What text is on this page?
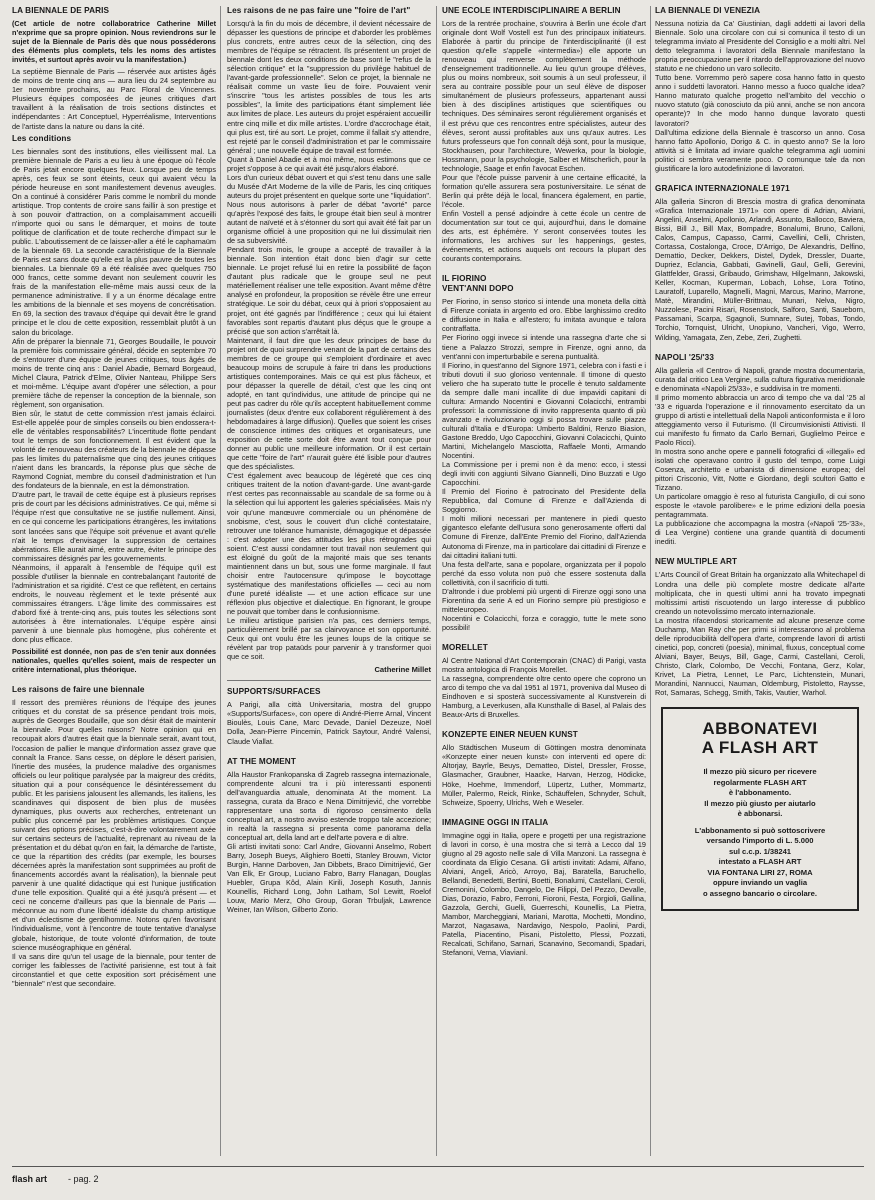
LA BIENNALE DE PARIS

(Cet article de notre collaboratrice Catherine Millet n'exprime que sa propre opinion. Nous reviendrons sur le sujet de la Biennale de Paris dès que nous posséderons des éléments plus complets, tels les noms des artistes invités, et surtout après avoir vu la manifestation.)

La septième Biennale de Paris — réservée aux artistes âgés de moins de trente cinq ans — aura lieu du 24 septembre au 1er novembre prochains, au Parc Floral de Vincennes. Plusieurs équipes composées de jeunes critiques d'art travaillent à la réalisation de trois sections distinctes et indépendantes : Art Conceptuel, Hyperréalisme, Interventions de l'artiste dans la nature ou dans la cité.

Les conditions

Les biennales sont des institutions, elles vieillissent mal. La première biennale de Paris a eu lieu à une époque où l'école de Paris jetait encore quelques feux. Lorsque peu de temps après, ces feux se sont éteints, ceux qui avaient vécu la période heureuse en sont manifestement devenus aveugles. On a continué à considérer Paris comme le nombril du monde artistique. Trop contents de croire sans faillir à son prestige et à son pouvoir d'attraction, on a complaisamment accueilli n'importe quoi ou sans le démarquer, et moins de toute politique de clarification et de toute recherche d'impact sur le public. L'aboutissement de ce laisser-aller a été le capharnaüm de la biennale 69. La seconde caractéristique de la Biennale de Paris est sans doute qu'elle est la plus pauvre de toutes les biennales. La biennale 69 a été réalisée avec quelques 750 000 francs, cette somme devant non seulement couvrir les frais de la manifestation elle-même mais aussi ceux de la permanence administrative. Il y a un énorme décalage entre les ambitions de la biennale et ses moyens de concrétisation. En 69, la section des travaux d'équipe qui devait être le grand principe et le clou de cette exposition, ressemblait plutôt à un salon du bricolage.
Afin de préparer la biennale 71, Georges Boudaille, le pouvoir la première fois commissaire général, décide en septembre 70 de s'entourer d'une équipe de jeunes critiques, tous âgés de moins de trente cinq ans : Daniel Abadie, Bernard Borgeaud, Michel Claura, Patrick d'Elme, Olivier Nanteau, Philippe Sers et moi-même. L'équipe avant d'opérer une sélection, a pour première tâche de repenser la conception de la biennale, son règlement, son organisation.
Bien sûr, le statut de cette commission n'est jamais éclairci. Est-elle appelée pour de simples conseils ou bien endossera-t-elle de véritables responsabilités? L'incertitude flotte pendant tout le temps de son fonctionnement. Il est évident que la volonté de renouveau des créateurs de la biennale ne dépasse pas les limites du paternalisme que cinq des jeunes critiques n'aient dans les brancards, la réponse plus que sèche de Raymond Cogniat, membre du conseil d'administration et l'un des fondateurs de la biennale, en est la démonstration.
D'autre part, le travail de cette équipe est à plusieurs reprises pris de court par les décisions administratives. Ce qui, même si l'équipe n'est que consultative ne se justifie nullement. Ainsi, en ce qui concerne les participations étrangères, les invitations sont lancées sans que l'équipe soit prévenue et avant qu'elle n'ait le temps d'envisager la suppression de certaines abérrations. Elle aurait aimé, entre autre, éviter le principe des commissaires désignés par les gouvernements.
Néanmoins, il apparaît à l'ensemble de l'équipe qu'il est possible d'utiliser la biennale en contrebalançant l'autorité de l'administration et sa rigidité. C'est ce que reflètent, en certains endroits, le nouveau règlement et le texte présenté aux commissaires étrangers. L'âge limite des commissaires est d'abord fixé à trente-cinq ans, puis toutes les sélections sont autorisées à être internationales. L'équipe espère ainsi parvenir à une biennale plus homogène, plus cohérente et donc plus efficace.

Possibilité est donnée, non pas de s'en tenir aux données nationales, quelles qu'elles soient, mais de respecter un critère international, plus théorique.

Les raisons de faire une biennale

Il ressort des premières réunions de l'équipe des jeunes critiques et du constat de sa présence pendant trois mois, auprès de Georges Boudaille, que son désir était de maintenir la biennale. Pour quelles raisons? Notre opinion qui en recoupait alors d'autres était que la biennale serait, avant tout, l'occasion de pallier le manque d'information assez grave que connaît la France. Sans cesse, on déplore le désert parisien, l'inertie des musées, la prudence maladive des organismes officiels ou leur politique paralysée par la maigreur des crédits, situation qui a pour conséquence le désintéressement du public. Et les parisiens jalousent les allemands, les italiens, les scandinaves qui disposent de bien plus de musées dynamiques, plus ouverts aux recherches, entretenant un public plus concerné par les problèmes artistiques. Conçue suivant des options précises, c'est-à-dire volontairement axée sur certains secteurs de l'actualité, reprenant au niveau de la présentation et du débat qu'on en fait, la démarche de l'artiste, ce que la répartition des crédits (par exemple, les bourses décernées après la manifestation sont supprimées au profit de financements accordés avant la réalisation), la biennale peut parvenir à une qualité didactique qui est l'unique justification d'une telle exposition. Qualité qui a été jusqu'à présent — et ceci ne concerne d'ailleurs pas que la biennale de Paris — méconnue au nom d'une liberté idéaliste du champ artistique et d'un éclectisme de gentilhomme. Notons qu'en favorisant l'individualisme, vont à l'encontre de toute tentative d'analyse globale, historique, de toute volonté d'information, de toute science muséographique en général.
Il va sans dire qu'un tel usage de la biennale, pour tenter de corriger les faiblesses de l'activité parisienne, est tout à fait circonstantiel et que cette exposition sort précisément une "biennale" n'est que secondaire.

Les raisons de ne pas faire une "foire de l'art"

Lorsqu'à la fin du mois de décembre, il devient nécessaire de dépasser les questions de principe et d'aborder les problèmes plus concrets, entre autres ceux de la sélection, cinq des membres de l'équipe se rétractent. Ils présentent un projet de biennale dont les deux conditions de base sont le "refus de la sélection critique" et la "suppression du privilège habituel de l'avant-garde professionnelle". Selon ce projet, la biennale ne réalisait comme un vaste lieu de foire. Pouvaient venir s'inscrire "tous les artistes possibles de tous les arts possibles", la limite des participations étant simplement liée aux limites de place. Les auteurs du projet espéraient accueillir entre cinq mille et dix mille artistes. L'ordre d'accrochage était, qui plus est, tiré au sort. Le projet, comme il fallait s'y attendre, est rejeté par le conseil d'administration et par le commissaire général ; une nouvelle équipe de travail est formée.
Quant à Daniel Abadie et à moi même, nous estimons que ce projet s'oppose à ce qui avait été jusqu'alors élaboré.
Lors d'un curieux débat ouvert et qui s'est tenu dans une salle du Musée d'Art Moderne de la ville de Paris, les cinq critiques auteurs du projet présentent en quelque sorte une "liquidation". Nous nous autorisons à parler de débat "avorté" parce qu'après l'exposé des faits, le groupe était bien seul à montrer autant de naïveté et à s'étonner du sort qui avait été fait par un organisme officiel à une proposition qui ne lui dissimulait rien de sa subversivité.
Pendant trois mois, le groupe a accepté de travailler à la biennale. Son intention était donc bien d'agir sur cette biennale. Le projet refusé lui en retire la possibilité de façon d'autant plus radicale que le groupe seul ne peut matériellement réaliser une telle exposition. Avant même d'être analysé en profondeur, la proposition se révèle être une erreur stratégique. Le soir du débat, ceux qui à priori s'opposaient au projet, ont été gagnés par l'indifférence ; ceux qui lui étaient favorables sont repartis d'autant plus déçus que le groupe a précisé que son action s'arrêtait là.
Maintenant, il faut dire que les deux principes de base du projet ont de quoi surprendre venant de la part de certains des membres de ce groupe qui s'emploient d'ordinaire et avec beaucoup moins de scrupule à faire tri dans les productions artistiques contemporaines. Mais ce qui est plus fâcheux, et pour dépasser la querelle de détail, c'est que les cinq ont adopté, en tant qu'individus, une attitude de principe qui ne peut pas cadrer du rôle qu'ils acceptent habituellement comme journalistes (deux d'entre eux collaborent régulièrement à des hebdomadaires à large diffusion). Quelles que soient les crises de conscience intimes des critiques et organisateurs, une exposition de cette sorte doit être avant tout conçue pour donner au public une meilleure information. Or il est certain que cette "foire de l'art" n'aurait guère été lisible pour d'autres que des spécialistes.
C'est également avec beaucoup de légèreté que ces cinq critiques traitent de la notion d'avant-garde. Une avant-garde n'est certes pas reconnaissable au scandale de sa forme ou à la sélection qui lui apportent les galeries spécialisées. Mais n'y voir qu'une manœuvre commerciale ou un phénomène de snobisme, c'est, sous le couvert d'un cliché contestataire, retrouver une tolérance humaniste, démagogique et dépassée : c'est adopter une des attitudes les plus rétrogrades qui soient. C'est aussi condamner tout travail non seulement qui est éloigné du goût de la majorité mais que ses tenants maintiennent dans un but, sous une forme marginale. Il faut choisir entre l'autocensure qu'impose le boycottage systématique des manifestations officielles — ceci au nom d'une pureté idéaliste — et une action efficace sur une réflexion plus objective et dialectique. En l'ignorant, le groupe ne pouvait que tomber dans le confusionnisme.
Le milieu artistique parisien n'a pas, ces derniers temps, particulièrement brillé par sa clairvoyance et son opportunité. Ceux qui ont voulu être les jeunes loups de la critique se révèlent par trop pataüds pour parvenir à y transformer quoi que ce soit.

Catherine Millet
SUPPORTS/SURFACES

A Parigi, alla città Universitaria, mostra del gruppo «Supports/Surfaces», con opere di André-Pierre Arnal, Vincent Bioulès, Louis Cane, Marc Devade, Daniel Dezeuze, Noël Dolla, Jean-Pierre Pincemin, Patrick Saytour, André Valensi, Claude Viallat.

AT THE MOMENT

Alla Haustor Frankopanska di Zagreb rassegna internazionale, comprendente alcuni tra i più interessanti esponenti dell'avanguardia attuale, denominata At the moment. La rassegna, curata da Braco e Nena Dimitrijević, che vorrebbe rappresentare una sorta di rigoroso censimento della conceptual art, a nostro avviso estende troppo tale accezione; in realtà la rassegna si presenta come panorama della conceptual art, della land art e dell'arte povera e di altre.
Gli artisti invitati sono: Carl Andre, Giovanni Anselmo, Robert Barry, Joseph Bueys, Alighiero Boetti, Stanley Brouwn, Victor Burgin, Hanne Darboven, Jan Dibbets, Braco Dimitrijević, Ger Van Elk, Er Group, Luciano Fabro, Barry Flanagan, Douglas Huebler, Grupa Kôd, Alain Kirili, Joseph Kosuth, Jannis Kounellis, Richard Long, John Latham, Sol Lewitt, Roelof Louw, Mario Merz, Oho Group, Goran Trbuljak, Lawrence Weiner, Ian Wilson, Gilberto Zorio.

UNE ECOLE INTERDISCIPLINAIRE A BERLIN

Lors de la rentrée prochaine, s'ouvrira à Berlin une école d'art originale dont Wolf Vostell est l'un des principaux initiateurs. Elaborée à partir du principe de l'interdisciplinarité (il est question qu'elle s'appelle «intermedia») elle apporte un renouveau qui renverse complètement la méthode d'enseignement traditionnelle. Au lieu qu'un groupe d'élèves, plus ou moins nombreux, soit soumis à un seul professeur, il sera au contraire possible pour un seul élève de disposer simultanément de plusieurs professeurs, appartenant aussi bien à des disciplines artistiques que scientifiques ou techniques. Des séminaires seront régulièrement organisés et il est prévu que ces rencontres entre spécialistes, auteur des élèves, seront aussi profitables aux uns qu'aux autres. Les futurs professeurs que l'on connaît déjà sont, pour la musique, Stockhausen, pour l'architecture, Wewerka, pour la biologie, Hossmann, pour la psychologie, Salber et Mitscherlich, pour la technologie, Saage et enfin l'avocat Eschen.
Pour que l'école puisse parvenir à une certaine efficacité, la formation qu'elle assurera sera postuniversitaire. Le sénat de Berlin qui prête déjà le local, financera également, en partie, l'école.
Enfin Vostell a pensé adjoindre à cette école un centre de documentation sur tout ce qui, aujourd'hui, dans le domaine des arts, est éphémère. Y seront conservées toutes les informations, les archives sur les happenings, gestes, événements, et actions auquels ont recours la plupart des courants contemporains.

IL FIORINO
VENT'ANNI DOPO

Per Fiorino, in senso storico si intende una moneta della città di Firenze coniata in argento ed oro. Ebbe larghissimo credito e diffusione in Italia e all'estero; fu imitata avunque e talora contraffatta.
Per Fiorino oggi invece si intende una rassegna d'arte che si tiene a Palazzo Strozzi, sempre in Firenze, ogni anno, da vent'anni con imperturbabile e serena puntualità.
Il Fiorino, in quest'anno del Signore 1971, celebra con i fasti e i tributi dovuti il suo glorioso ventennale. Il timone di questo veliero che ha superato tutte le procelle è tenuto saldamente da sempre dalle mani incallite di due impavidi capitani di cultura: Armando Nocentini e Giovanni Colacicchi, entrambi professori: la commissione di invito rappresenta quanto di più avanzato e rivoluzionario oggi si possa trovare sulle piazze culturali d'Italia e d'Europa: Umberto Baldini, Renzo Biasion, Gastone Breddo, Ugo Capocchini, Giovanni Colacicchi, Quinto Martini, Michelangelo Masciotta, Raffaele Monti, Armando Nocentini.
La Commissione per i premi non è da meno: ecco, i stessi degli inviti con aggiunti Silvano Giannelli, Dino Buzzati e Ugo Capocchini.
Il Premio del Fiorino è patrocinato del Presidente della Repubblica, dal Comune di Firenze e dall'Azienda di Soggiorno.
I molti milioni necessari per mantenere in piedi questo gigantesco elefante dell'usura sono generosamente offerti dal Comune di Firenze, dall'Ente Premio del Fiorino, dall'Azienda Autonoma di Firenze, ma in particolare dai cittadini di Firenze e dai cittadini italiani tutti.
Una festa dell'arte, sana e popolare, organizzata per il popolo perché da esso voluta non può che essere sostenuta dalla collettività, con il sacrificio di tutti.
D'altronde i due problemi più urgenti di Firenze oggi sono una Fiorentina da serie A ed un Fiorino sempre più prestigioso e mitteleuropeo.
Nocentini e Colacicchi, forza e coraggio, tutte le mete sono possibili!

MORELLET

Al Centre National d'Art Contemporain (CNAC) di Parigi, vasta mostra antologica di François Morellet.
La rassegna, comprendente oltre cento opere che coprono un arco di tempo che va dal 1951 al 1971, proveniva dal Museo di Eindhoven e si sposterà successivamente al Kunstverein di Hamburg, a Leverkusen, alla Kunsthalle di Basel, al Palais des Beaux-Arts di Bruxelles.

KONZEPTE EINER NEUEN KUNST

Allo Städtischen Museum di Göttingen mostra denominata «Konzepte einer neuen kunst» con interventi ed opere di: Altorjay, Bayrle, Beuys, Dematteo, Distel, Dressler, Frosse, Glasmacher, Graubner, Haacke, Harvan, Herzog, Hödicke, Höke, Hoehme, Immendorf, Lüpertz, Luther, Mommartz, Müller, Palermo, Reick, Rinke, Schäuffelen, Schnyder, Schult, Schweize, Spoerry, Ulrichs, Weh e Weseler.

IMMAGINE OGGI IN ITALIA

Immagine oggi in Italia, opere e progetti per una registrazione di lavori in corso, è una mostra che si terrà a Lecco dal 19 giugno al 29 agosto nelle sale di Villa Manzoni. La rassegna è coordinata da Eligio Cesana. Gli artisti invitati: Adami, Alfano, Alviani, Angeli, Aricò, Arroyo, Baj, Baratella, Baruchello, Bellandi, Benedetti, Bertini, Boetti, Bonalumi, Castellani, Ceroli, Cremonini, Colombo, Dangelo, De Filippi, Del Pezzo, Devalle, Dias, Dorazio, Fabro, Ferroni, Fioroni, Festa, Forgioli, Gallina, Gazzola, Gerchi, Guelli, Guerreschi, Kounellis, La Pietra, Mambor, Marcheggiani, Mariani, Marotta, Mochetti, Mondino, Marzot, Nagasawa, Nardavigo, Nespolo, Paolini, Pardi, Patella, Piacentino, Pisani, Pistoletto, Plessi, Pozzati, Recalcati, Schifano, Sarnari, Scanavino, Secomandi, Spadari, Stefanoni, Verna, Viavianì.

LA BIENNALE DI VENEZIA

Nessuna notizia da Ca' Giustinian, dagli addetti ai lavori della Biennale. Solo una circolare con cui si comunica il testo di un telegramma inviato al Presidente del Consiglio e a molti altri. Nel detto telegramma i lavoratori della Biennale manifestano la propria preoccupazione per il ritardo dell'approvazione del nuovo statuto e ne chiedono un varo sollecito.
Tutto bene. Vorremmo però sapere cosa hanno fatto in questo anno i suddetti lavoratori. Hanno messo a fuoco qualche idea? Hanno maturato qualche progetto nell'ambito del vecchio o nuovo statuto (già conosciuto da più anni, anche se non ancora operante)? In che modo hanno dunque lavorato questi lavoratori?
Dall'ultima edizione della Biennale è trascorso un anno. Cosa hanno fatto Apollonio, Dorigo & C. in questo anno? Se la loro attività si è limitata ad inviare qualche telegramma agli uomini politici ci sembra veramente poco. O comunque tale da non giustificare la loro autodefinizione di lavoratori.

GRAFICA INTERNAZIONALE 1971

Alla galleria Sincron di Brescia mostra di grafica denominata «Grafica Internazionale 1971» con opere di Adrian, Alviani, Angelini, Anselmi, Apollonio, Arlandi, Assunto, Ballocco, Baviera, Bissi, Bill J., Bill Max, Bompadre, Bonalumi, Bruno, Calloni, Calos, Campus, Capasso, Carmi, Cavellini, Celli, Christen, Cortassa, Costalonga, Croce, D'Arrigo, De Alexandris, Delfino, Demattio, Decker, Dekkers, Distel, Dydek, Dressler, Duarte, Dupriez, Eclancia, Gabbati, Gavinelli, Gaul, Gelli, Gerevini, Glattfelder, Grassi, Gribaudo, Grimshaw, Hilgelmann, Jakowski, Keller, Kocman, Kuperman, Lobach, Lohse, Lora Totino, Lauratolf, Luparello, Magnelli, Magni, Marcus, Marino, Marrone, Matè, Mirandini, Müller-Brittnau, Munari, Nelva, Nigro, Nuzzolese, Pacini Risari, Rosenstock, Salforo, Santi, Saueborn, Passamani, Scarpa, Sgagnoli, Sumnare, Sutej, Tobas, Tondo, Torchio, Tornquist, Ulricht, Unopiuno, Vancheri, Vigo, Werro, Wilding, Yamagata, Zen, Zebe, Zeri, Zughetti.

NAPOLI '25/'33

Alla galleria «Il Centro» di Napoli, grande mostra documentaria, curata dal critico Lea Vergine, sulla cultura figurativa meridionale e denominata «Napoli 25/33», e suddivisa in tre momenti.
Il primo momento abbraccia un arco di tempo che va dal '25 al '33 e riguarda l'operazione e il rinnovamento esercitato da un gruppo di artisti e intellettuali della Napoli anticonformista e il loro atteggiamento verso il Futurismo. (Il Circumvisionisti Attivisti. Il cui manifesto fu firmato da Carlo Bernari, Guglielmo Peirce e Paolo Ricci).
In mostra sono anche opere e pannelli fotografici di «illegali» ed isolati che operavano contro il gusto del tempo, come Luigi Cosenza, architetto e urbanista di dimensione europea; del pittori Crisconio, Vitt, Notte e Giordano, degli scultori Gatto e Tizzano.
Un particolare omaggio è reso al futurista Cangiullo, di cui sono esposte le «tavole parolibere» e le prime edizioni della poesia pentagrammata.
La pubblicazione che accompagna la mostra («Napoli '25-'33», di Lea Vergine) contiene una grande quantità di documenti inediti.

NEW MULTIPLE ART

L'Arts Council of Great Britain ha organizzato alla Whitechapel di Londra una delle più complete mostre dedicate all'arte moltiplicata, che in questi ultimi anni ha trovato impegnati moltissimi artisti riscuotendo un largo interesse di pubblico creando un notevolissimo mercato internazionale.
La mostra rifacendosi storicamente ad alcune presenze come Duchamp, Man Ray che per primi si interessarono al problema delle riproducibilità dell'opera d'arte, comprende lavori di artisti cinetici, pop, concreti (poesia), minimal, fluxus, conceptual come Alviani, Bayer, Beuys, Bill, Gage, Carmi, Castellani, Ceroli, Christo, Clark, Colombo, De Vecchi, Fontana, Gerz, Kolar, Krivet, La Pietra, Lennet, Le Parc, Lichtenstein, Munari, Morandini, Nannucci, Nauman, Oldemburg, Pistoletto, Raysse, Rot, Samaras, Schegg, Smith, Takis, Vautier, Warhol.

ABBONATEVI
A FLASH ART

Il mezzo più sicuro per ricevere

regolarmente FLASH ART

è l'abbonamento.

Il mezzo più giusto per aiutarlo

è abbonarsi.

L'abbonamento si può sottoscrivere

versando l'importo di L. 5.000

sul c.c.p. 1/38241

intestato a FLASH ART

VIA FONTANA LIRI 27, ROMA

oppure inviando un vaglia

o assegno bancario o circolare.

flash art - pag. 2
